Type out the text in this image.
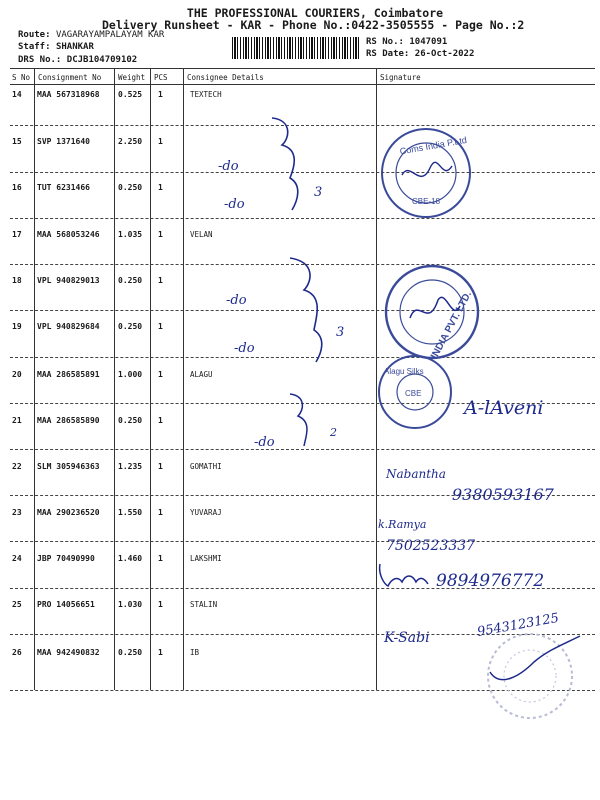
THE PROFESSIONAL COURIERS, Coimbatore
Delivery Runsheet - KAR - Phone No.:0422-3505555 - Page No.:2
Route: VAGARAYAMPALAYAM KAR
Staff: SHANKAR
DRS No.: DCJB104709102
RS No.: 1047091
RS Date: 26-Oct-2022
S No Consignment No Weight PCS	Consignee Details	Signature
14 MAA 567318968 0.525 1	TEXTECH
15 SVP 1371640	2.250 1
16 TUT 6231466	0.250 1
17 MAA 568053246 1.035 1	VELAN
18 VPL 940829013 0.250 1
19 VPL 940829684 0.250 1
20 MAA 286585891 1.000 1	ALAGU
21 MAA 286585890 0.250 1
22 SLM 305946363 1.235 1	GOMATHI
23 MAA 290236520 1.550 1	YUVARAJ
24 JBP 70490990	1.460 1	LAKSHMI
25 PRO 14056651	1.030 1	STALIN
26 MAA 942490832 0.250 1	IB
-do
-do
3
-do
-do
3
-do
2
Coms India P.Ltd
CBE-18
INDIA PVT. LTD.
Alagu Silks
CBE
A-lAveni
Nabantha
9380593167
k.Ramya
7502523337
9894976772
K-Sabi	9543123125
